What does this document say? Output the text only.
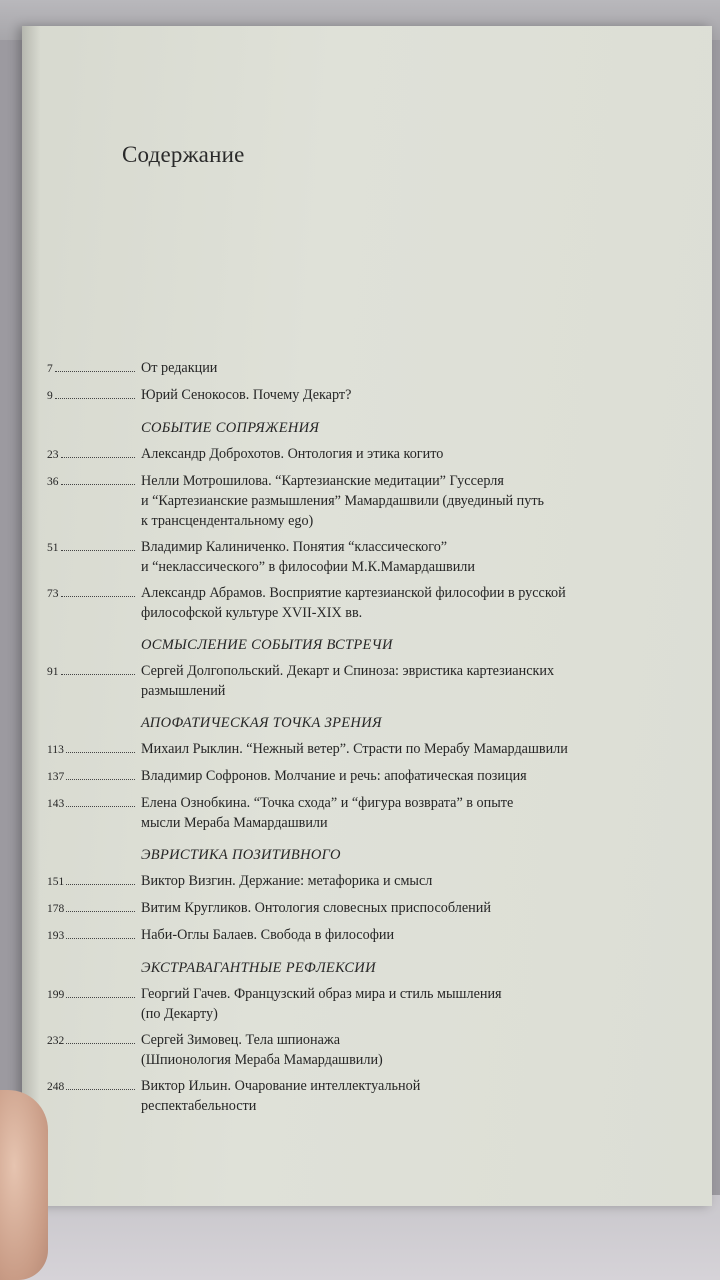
Содержание
7	От редакции
9	Юрий Сенокосов. Почему Декарт?
СОБЫТИЕ СОПРЯЖЕНИЯ
23	Александр Доброхотов. Онтология и этика когито
36	Нелли Мотрошилова. “Картезианские медитации” Гуссерля
и “Картезианские размышления” Мамардашвили (двуединый путь
к трансцендентальному ego)
51	Владимир Калиниченко. Понятия “классического”
и “неклассического” в философии М.К.Мамардашвили
73	Александр Абрамов. Восприятие картезианской философии в русской
философской культуре XVII-XIX вв.
ОСМЫСЛЕНИЕ СОБЫТИЯ ВСТРЕЧИ
91	Сергей Долгопольский. Декарт и Спиноза: эвристика картезианских
размышлений
АПОФАТИЧЕСКАЯ ТОЧКА ЗРЕНИЯ
113	Михаил Рыклин. “Нежный ветер”. Страсти по Мерабу Мамардашвили
137	Владимир Софронов. Молчание и речь: апофатическая позиция
143	Елена Ознобкина. “Точка схода” и “фигура возврата” в опыте
мысли Мераба Мамардашвили
ЭВРИСТИКА ПОЗИТИВНОГО
151	Виктор Визгин. Держание: метафорика и смысл
178	Витим Кругликов. Онтология словесных приспособлений
193	Наби-Оглы Балаев. Свобода в философии
ЭКСТРАВАГАНТНЫЕ РЕФЛЕКСИИ
199	Георгий Гачев. Французский образ мира и стиль мышления
(по Декарту)
232	Сергей Зимовец. Тела шпионажа
(Шпионология Мераба Мамардашвили)
248	Виктор Ильин. Очарование интеллектуальной
респектабельности
